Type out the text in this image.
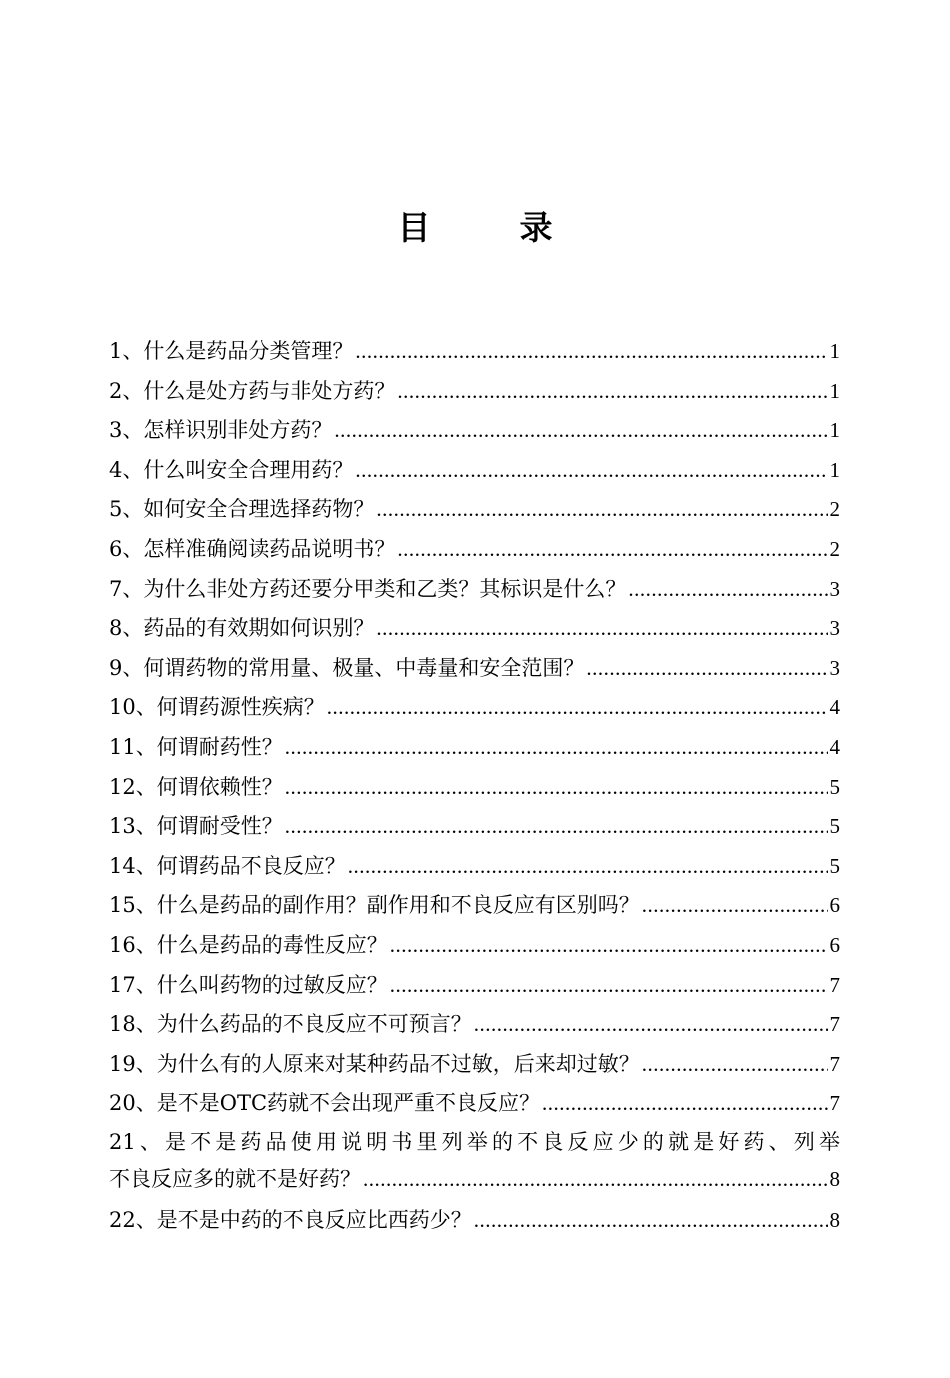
目　录
1、什么是药品分类管理？ .....	1
2、什么是处方药与非处方药？ .....	1
3、怎样识别非处方药？ .....	1
4、什么叫安全合理用药？ .....	1
5、如何安全合理选择药物？ .....	2
6、怎样准确阅读药品说明书？ .....	2
7、为什么非处方药还要分甲类和乙类？其标识是什么？ .....	3
8、药品的有效期如何识别？ .....	3
9、何谓药物的常用量、极量、中毒量和安全范围？ .....	3
10、何谓药源性疾病？ .....	4
11、何谓耐药性？ .....	4
12、何谓依赖性？ .....	5
13、何谓耐受性？ .....	5
14、何谓药品不良反应？ .....	5
15、什么是药品的副作用？副作用和不良反应有区别吗？ .....	6
16、什么是药品的毒性反应？ .....	6
17、什么叫药物的过敏反应？ .....	7
18、为什么药品的不良反应不可预言？ .....	7
19、为什么有的人原来对某种药品不过敏，后来却过敏？ .....	7
20、是不是OTC药就不会出现严重不良反应？ .....	7
21、是不是药品使用说明书里列举的不良反应少的就是好药、列举
不良反应多的就不是好药？ .....	8
22、是不是中药的不良反应比西药少？ .....	8
